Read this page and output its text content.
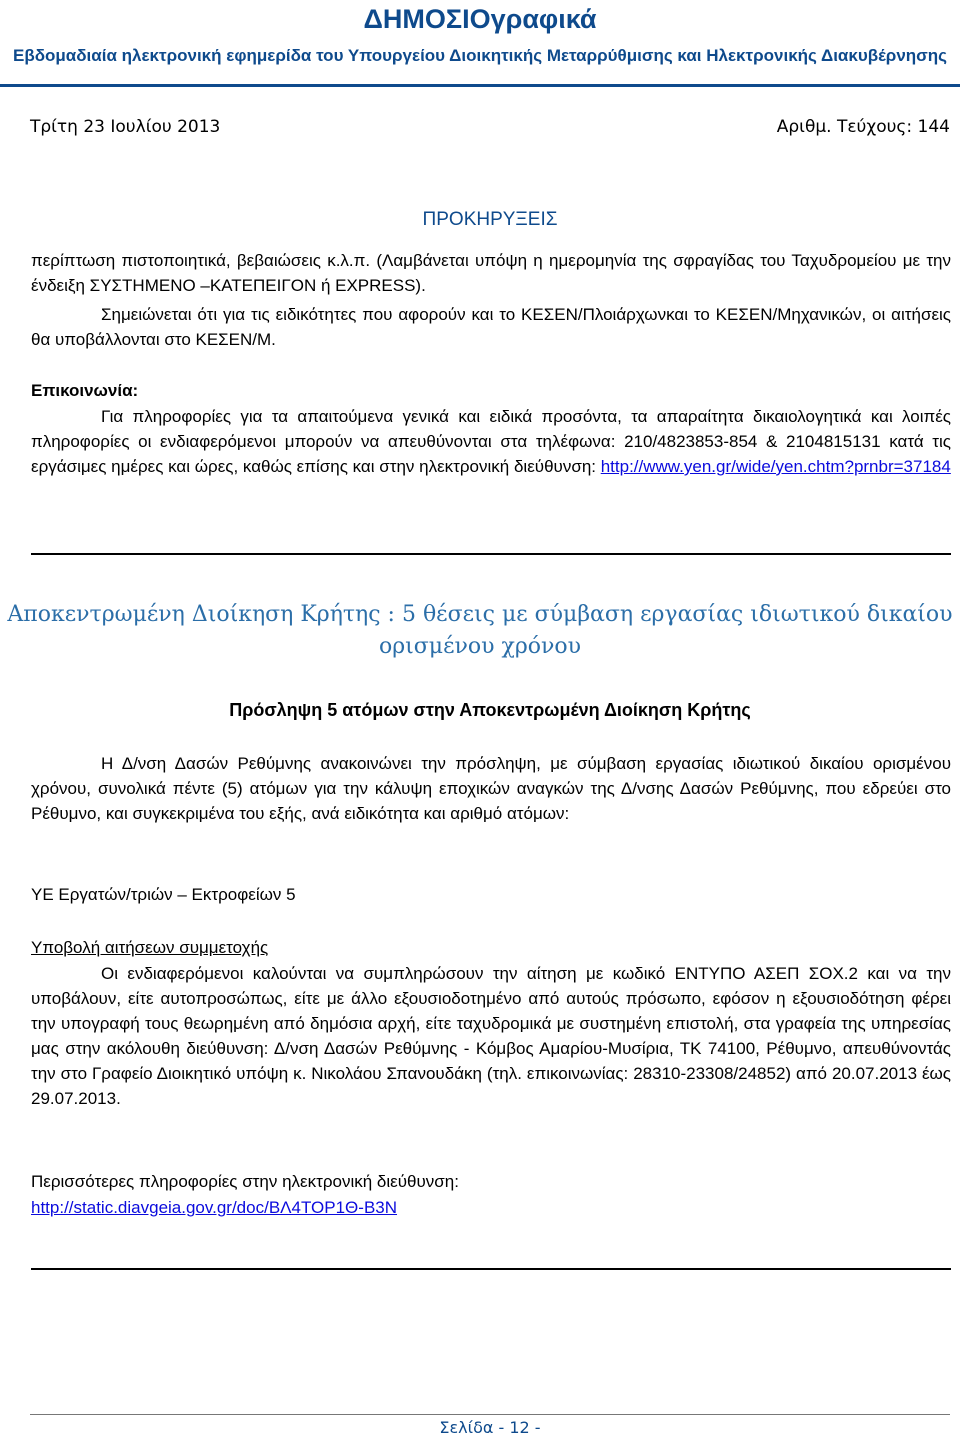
ΔΗΜΟΣΙΟγραφικά
Εβδομαδιαία ηλεκτρονική εφημερίδα του Υπουργείου Διοικητικής Μεταρρύθμισης και Ηλεκτρονικής Διακυβέρνησης
Τρίτη 23 Ιουλίου 2013	Αριθμ. Τεύχους: 144
ΠΡΟΚΗΡΥΞΕΙΣ
περίπτωση πιστοποιητικά, βεβαιώσεις κ.λ.π. (Λαμβάνεται υπόψη η ημερομηνία της σφραγίδας του Ταχυδρομείου με την ένδειξη ΣΥΣΤΗΜΕΝΟ –ΚΑΤΕΠΕΙΓΟΝ ή EXPRESS).
Σημειώνεται ότι για τις ειδικότητες που αφορούν και το ΚΕΣΕΝ/Πλοιάρχωνκαι το ΚΕΣΕΝ/Μηχανικών, οι αιτήσεις θα υποβάλλονται στο ΚΕΣΕΝ/Μ.
Επικοινωνία:
Για πληροφορίες για τα απαιτούμενα γενικά και ειδικά προσόντα, τα απαραίτητα δικαιολογητικά και λοιπές πληροφορίες οι ενδιαφερόμενοι μπορούν να απευθύνονται στα τηλέφωνα: 210/4823853-854 & 2104815131 κατά τις εργάσιμες ημέρες και ώρες, καθώς επίσης και στην ηλεκτρονική διεύθυνση: http://www.yen.gr/wide/yen.chtm?prnbr=37184
Αποκεντρωμένη Διοίκηση Κρήτης : 5 θέσεις με σύμβαση εργασίας ιδιωτικού δικαίου ορισμένου χρόνου
Πρόσληψη 5 ατόμων στην Αποκεντρωμένη Διοίκηση Κρήτης
Η Δ/νση Δασών Ρεθύμνης ανακοινώνει την πρόσληψη, με σύμβαση εργασίας ιδιωτικού δικαίου ορισμένου χρόνου, συνολικά πέντε (5) ατόμων για την κάλυψη εποχικών αναγκών της Δ/νσης Δασών Ρεθύμνης, που εδρεύει στο Ρέθυμνο, και συγκεκριμένα του εξής, ανά ειδικότητα και αριθμό ατόμων:
ΥΕ Εργατών/τριών – Εκτροφείων 5
Υποβολή αιτήσεων συμμετοχής
Οι ενδιαφερόμενοι καλούνται να συμπληρώσουν την αίτηση με κωδικό ΕΝΤΥΠΟ ΑΣΕΠ ΣΟΧ.2 και να την υποβάλουν, είτε αυτοπροσώπως, είτε με άλλο εξουσιοδοτημένο από αυτούς πρόσωπο, εφόσον η εξουσιοδότηση φέρει την υπογραφή τους θεωρημένη από δημόσια αρχή, είτε ταχυδρομικά με συστημένη επιστολή, στα γραφεία της υπηρεσίας μας στην ακόλουθη διεύθυνση: Δ/νση Δασών Ρεθύμνης - Κόμβος Αμαρίου-Μυσίρια, ΤΚ 74100, Ρέθυμνο, απευθύνοντάς την στο Γραφείο Διοικητικό υπόψη κ. Νικολάου Σπανουδάκη (τηλ. επικοινωνίας: 28310-23308/24852) από 20.07.2013 έως 29.07.2013.
Περισσότερες πληροφορίες στην ηλεκτρονική διεύθυνση:
http://static.diavgeia.gov.gr/doc/ΒΛ4ΤΟΡ1Θ-Β3Ν
Σελίδα - 12 -
